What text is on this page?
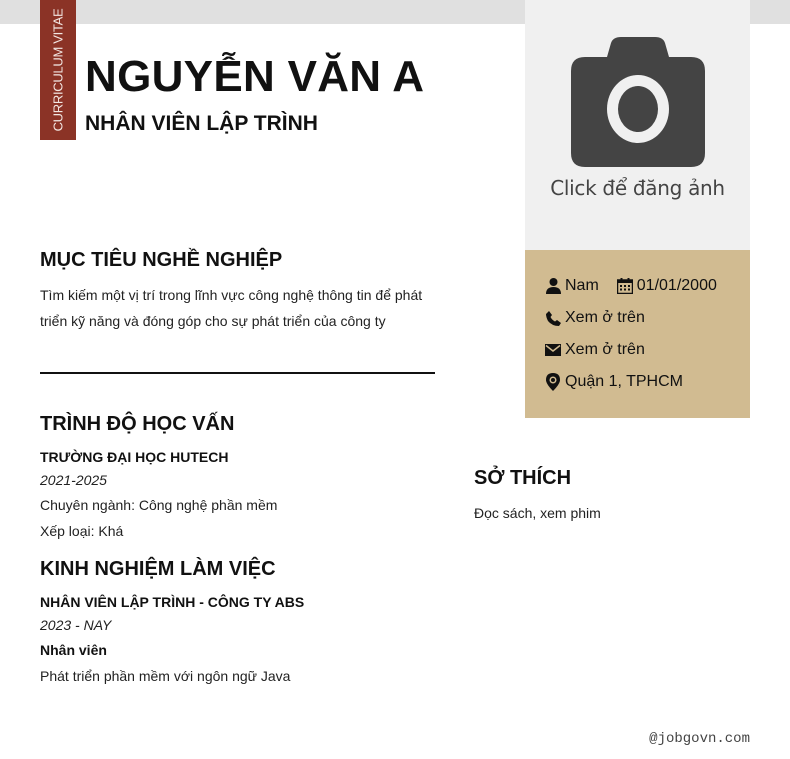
CURRICULUM VITAE NGUYỄN VĂN A
NHÂN VIÊN LẬP TRÌNH
Click để đăng ảnh
Nam 01/01/2000
Xem ở trên
Xem ở trên
Quận 1, TPHCM
MỤC TIÊU NGHỀ NGHIỆP
Tìm kiếm một vị trí trong lĩnh vực công nghệ thông tin để phát
triển kỹ năng và đóng góp cho sự phát triển của công ty
TRÌNH ĐỘ HỌC VẤN
TRƯỜNG ĐẠI HỌC HUTECH
2021-2025
Chuyên ngành: Công nghệ phần mềm
Xếp loại: Khá
KINH NGHIỆM LÀM VIỆC
NHÂN VIÊN LẬP TRÌNH - CÔNG TY ABS
2023 - NAY
Nhân viên
Phát triển phần mềm với ngôn ngữ Java
SỞ THÍCH
Đọc sách, xem phim
@jobgovn.com
